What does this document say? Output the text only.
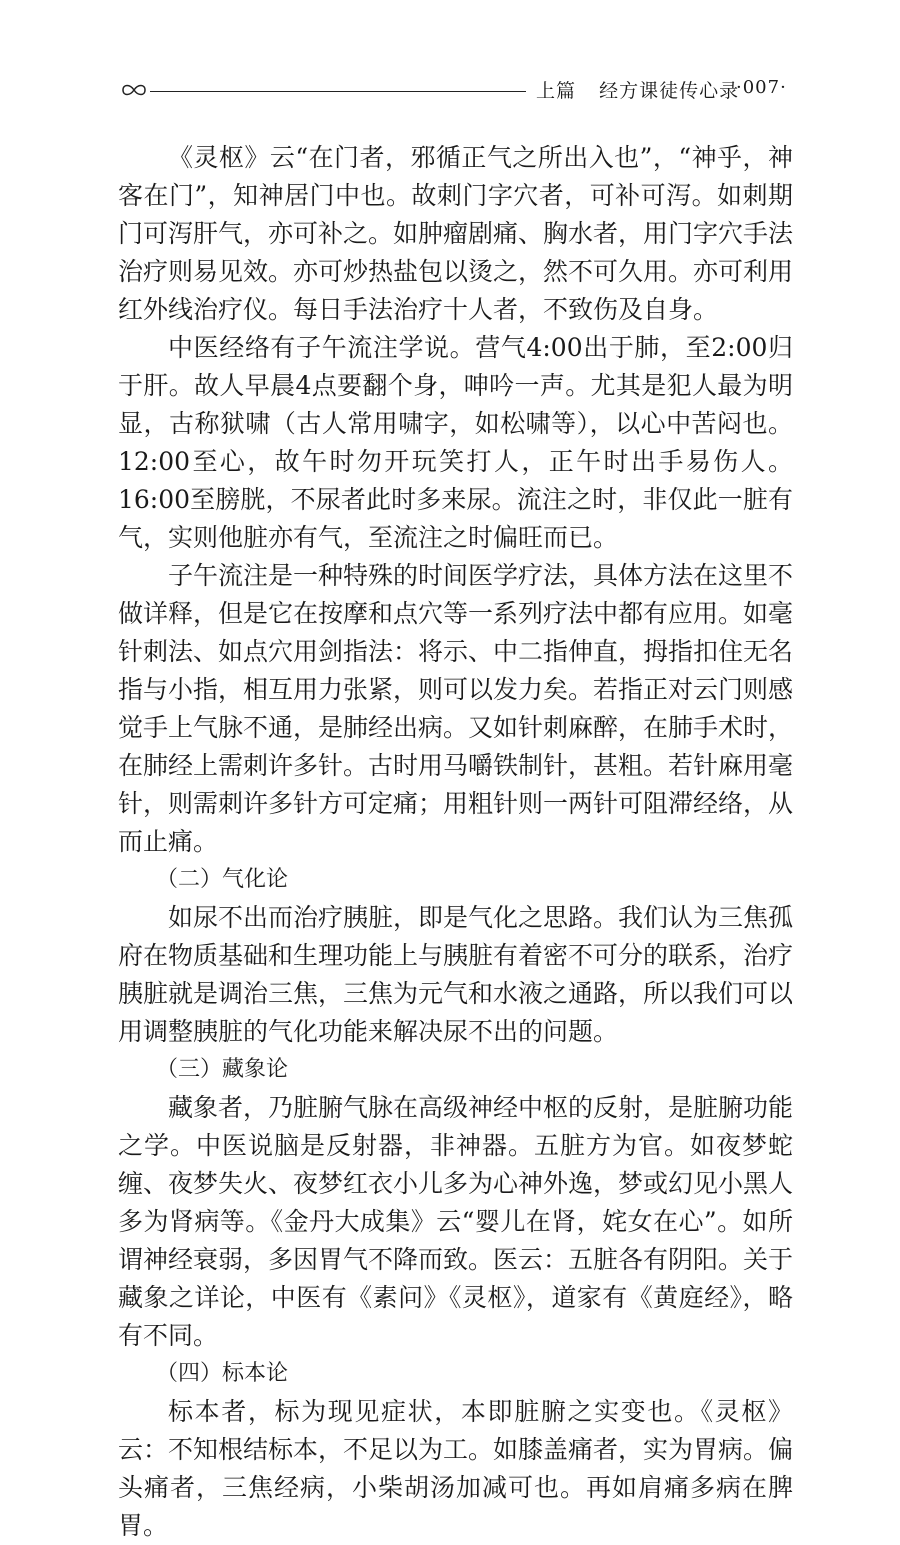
上篇 经方课徒传心录
·007·

《灵枢》云“在门者，邪循正气之所出入也”，“神乎，神客在门”，知神居门中也。故刺门字穴者，可补可泻。如刺期门可泻肝气，亦可补之。如肿瘤剧痛、胸水者，用门字穴手法治疗则易见效。亦可炒热盐包以烫之，然不可久用。亦可利用红外线治疗仪。每日手法治疗十人者，不致伤及自身。

中医经络有子午流注学说。营气4:00出于肺，至2:00归于肝。故人早晨4点要翻个身，呻吟一声。尤其是犯人最为明显，古称狱啸（古人常用啸字，如松啸等），以心中苦闷也。12:00至心，故午时勿开玩笑打人，正午时出手易伤人。16:00至膀胱，不尿者此时多来尿。流注之时，非仅此一脏有气，实则他脏亦有气，至流注之时偏旺而已。

子午流注是一种特殊的时间医学疗法，具体方法在这里不做详释，但是它在按摩和点穴等一系列疗法中都有应用。如毫针刺法、如点穴用剑指法：将示、中二指伸直，拇指扣住无名指与小指，相互用力张紧，则可以发力矣。若指正对云门则感觉手上气脉不通，是肺经出病。又如针刺麻醉，在肺手术时，在肺经上需刺许多针。古时用马嚼铁制针，甚粗。若针麻用毫针，则需刺许多针方可定痛；用粗针则一两针可阻滞经络，从而止痛。

（二）气化论

如尿不出而治疗胰脏，即是气化之思路。我们认为三焦孤府在物质基础和生理功能上与胰脏有着密不可分的联系，治疗胰脏就是调治三焦，三焦为元气和水液之通路，所以我们可以用调整胰脏的气化功能来解决尿不出的问题。

（三）藏象论

藏象者，乃脏腑气脉在高级神经中枢的反射，是脏腑功能之学。中医说脑是反射器，非神器。五脏方为官。如夜梦蛇缠、夜梦失火、夜梦红衣小儿多为心神外逸，梦或幻见小黑人多为肾病等。《金丹大成集》云“婴儿在肾，姹女在心”。如所谓神经衰弱，多因胃气不降而致。医云：五脏各有阴阳。关于藏象之详论，中医有《素问》《灵枢》，道家有《黄庭经》，略有不同。

（四）标本论

标本者，标为现见症状，本即脏腑之实变也。《灵枢》云：不知根结标本，不足以为工。如膝盖痛者，实为胃病。偏头痛者，三焦经病，小柴胡汤加减可也。再如肩痛多病在脾胃。
